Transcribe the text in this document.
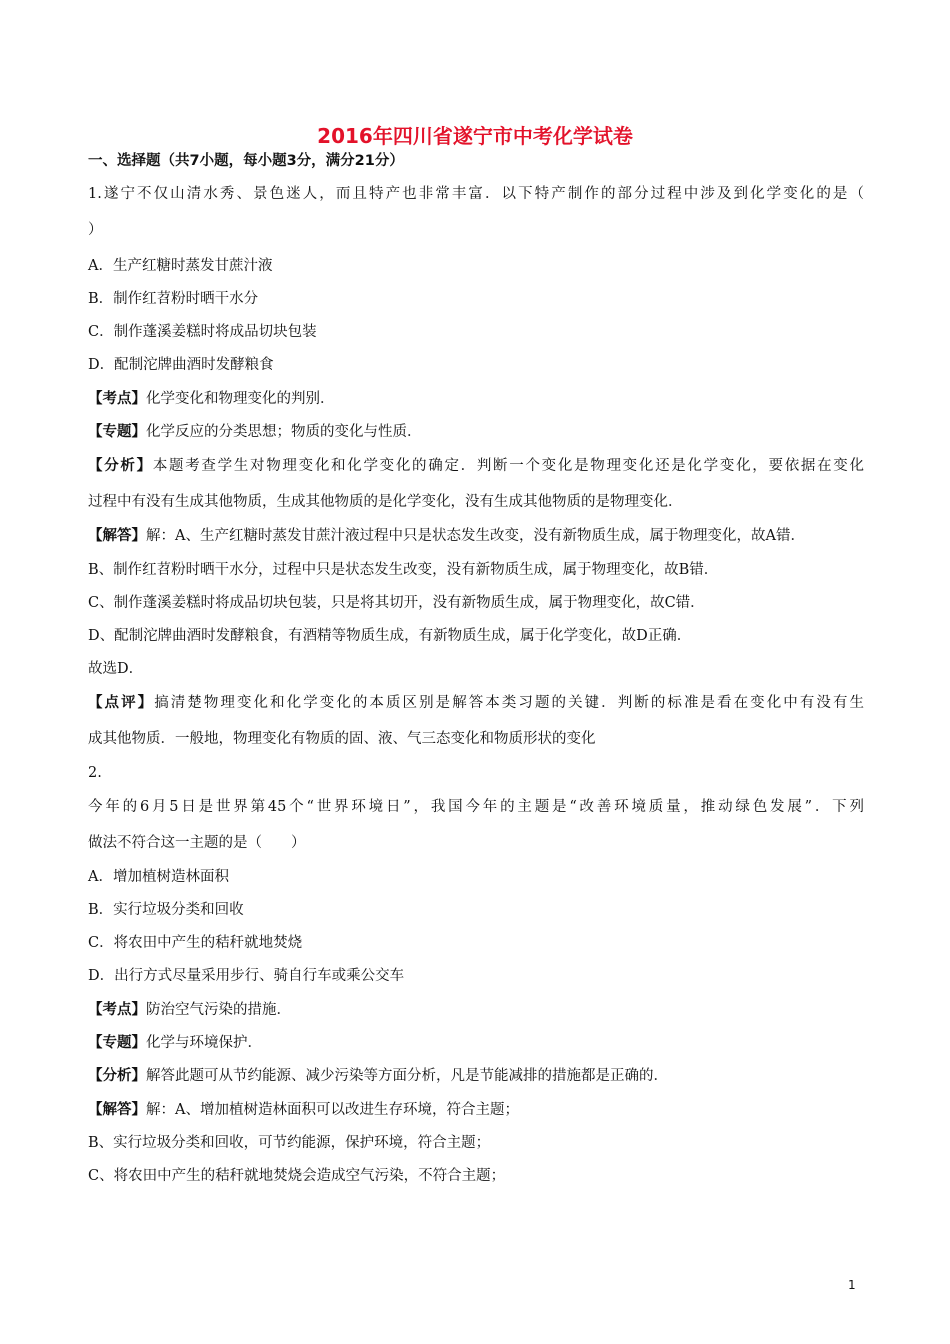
2016年四川省遂宁市中考化学试卷
一、选择题（共7小题，每小题3分，满分21分）
1.遂宁不仅山清水秀、景色迷人，而且特产也非常丰富．以下特产制作的部分过程中涉及到化学变化的是（
）
A．生产红糖时蒸发甘蔗汁液
B．制作红苕粉时晒干水分
C．制作蓬溪姜糕时将成品切块包装
D．配制沱牌曲酒时发酵粮食
【考点】化学变化和物理变化的判别．
【专题】化学反应的分类思想；物质的变化与性质．
【分析】本题考查学生对物理变化和化学变化的确定．判断一个变化是物理变化还是化学变化，要依据在变化
过程中有没有生成其他物质，生成其他物质的是化学变化，没有生成其他物质的是物理变化．
【解答】解：A、生产红糖时蒸发甘蔗汁液过程中只是状态发生改变，没有新物质生成，属于物理变化，故A错．
B、制作红苕粉时晒干水分，过程中只是状态发生改变，没有新物质生成，属于物理变化，故B错．
C、制作蓬溪姜糕时将成品切块包装，只是将其切开，没有新物质生成，属于物理变化，故C错．
D、配制沱牌曲酒时发酵粮食，有酒精等物质生成，有新物质生成，属于化学变化，故D正确．
故选D．
【点评】搞清楚物理变化和化学变化的本质区别是解答本类习题的关键．判断的标准是看在变化中有没有生
成其他物质．一般地，物理变化有物质的固、液、气三态变化和物质形状的变化
2.
今年的6月5日是世界第45个“世界环境日”，我国今年的主题是“改善环境质量，推动绿色发展”．下列
做法不符合这一主题的是（　　）
A．增加植树造林面积
B．实行垃圾分类和回收
C．将农田中产生的秸秆就地焚烧
D．出行方式尽量采用步行、骑自行车或乘公交车
【考点】防治空气污染的措施．
【专题】化学与环境保护．
【分析】解答此题可从节约能源、减少污染等方面分析，凡是节能减排的措施都是正确的．
【解答】解：A、增加植树造林面积可以改进生存环境，符合主题；
B、实行垃圾分类和回收，可节约能源，保护环境，符合主题；
C、将农田中产生的秸秆就地焚烧会造成空气污染，不符合主题；
1
